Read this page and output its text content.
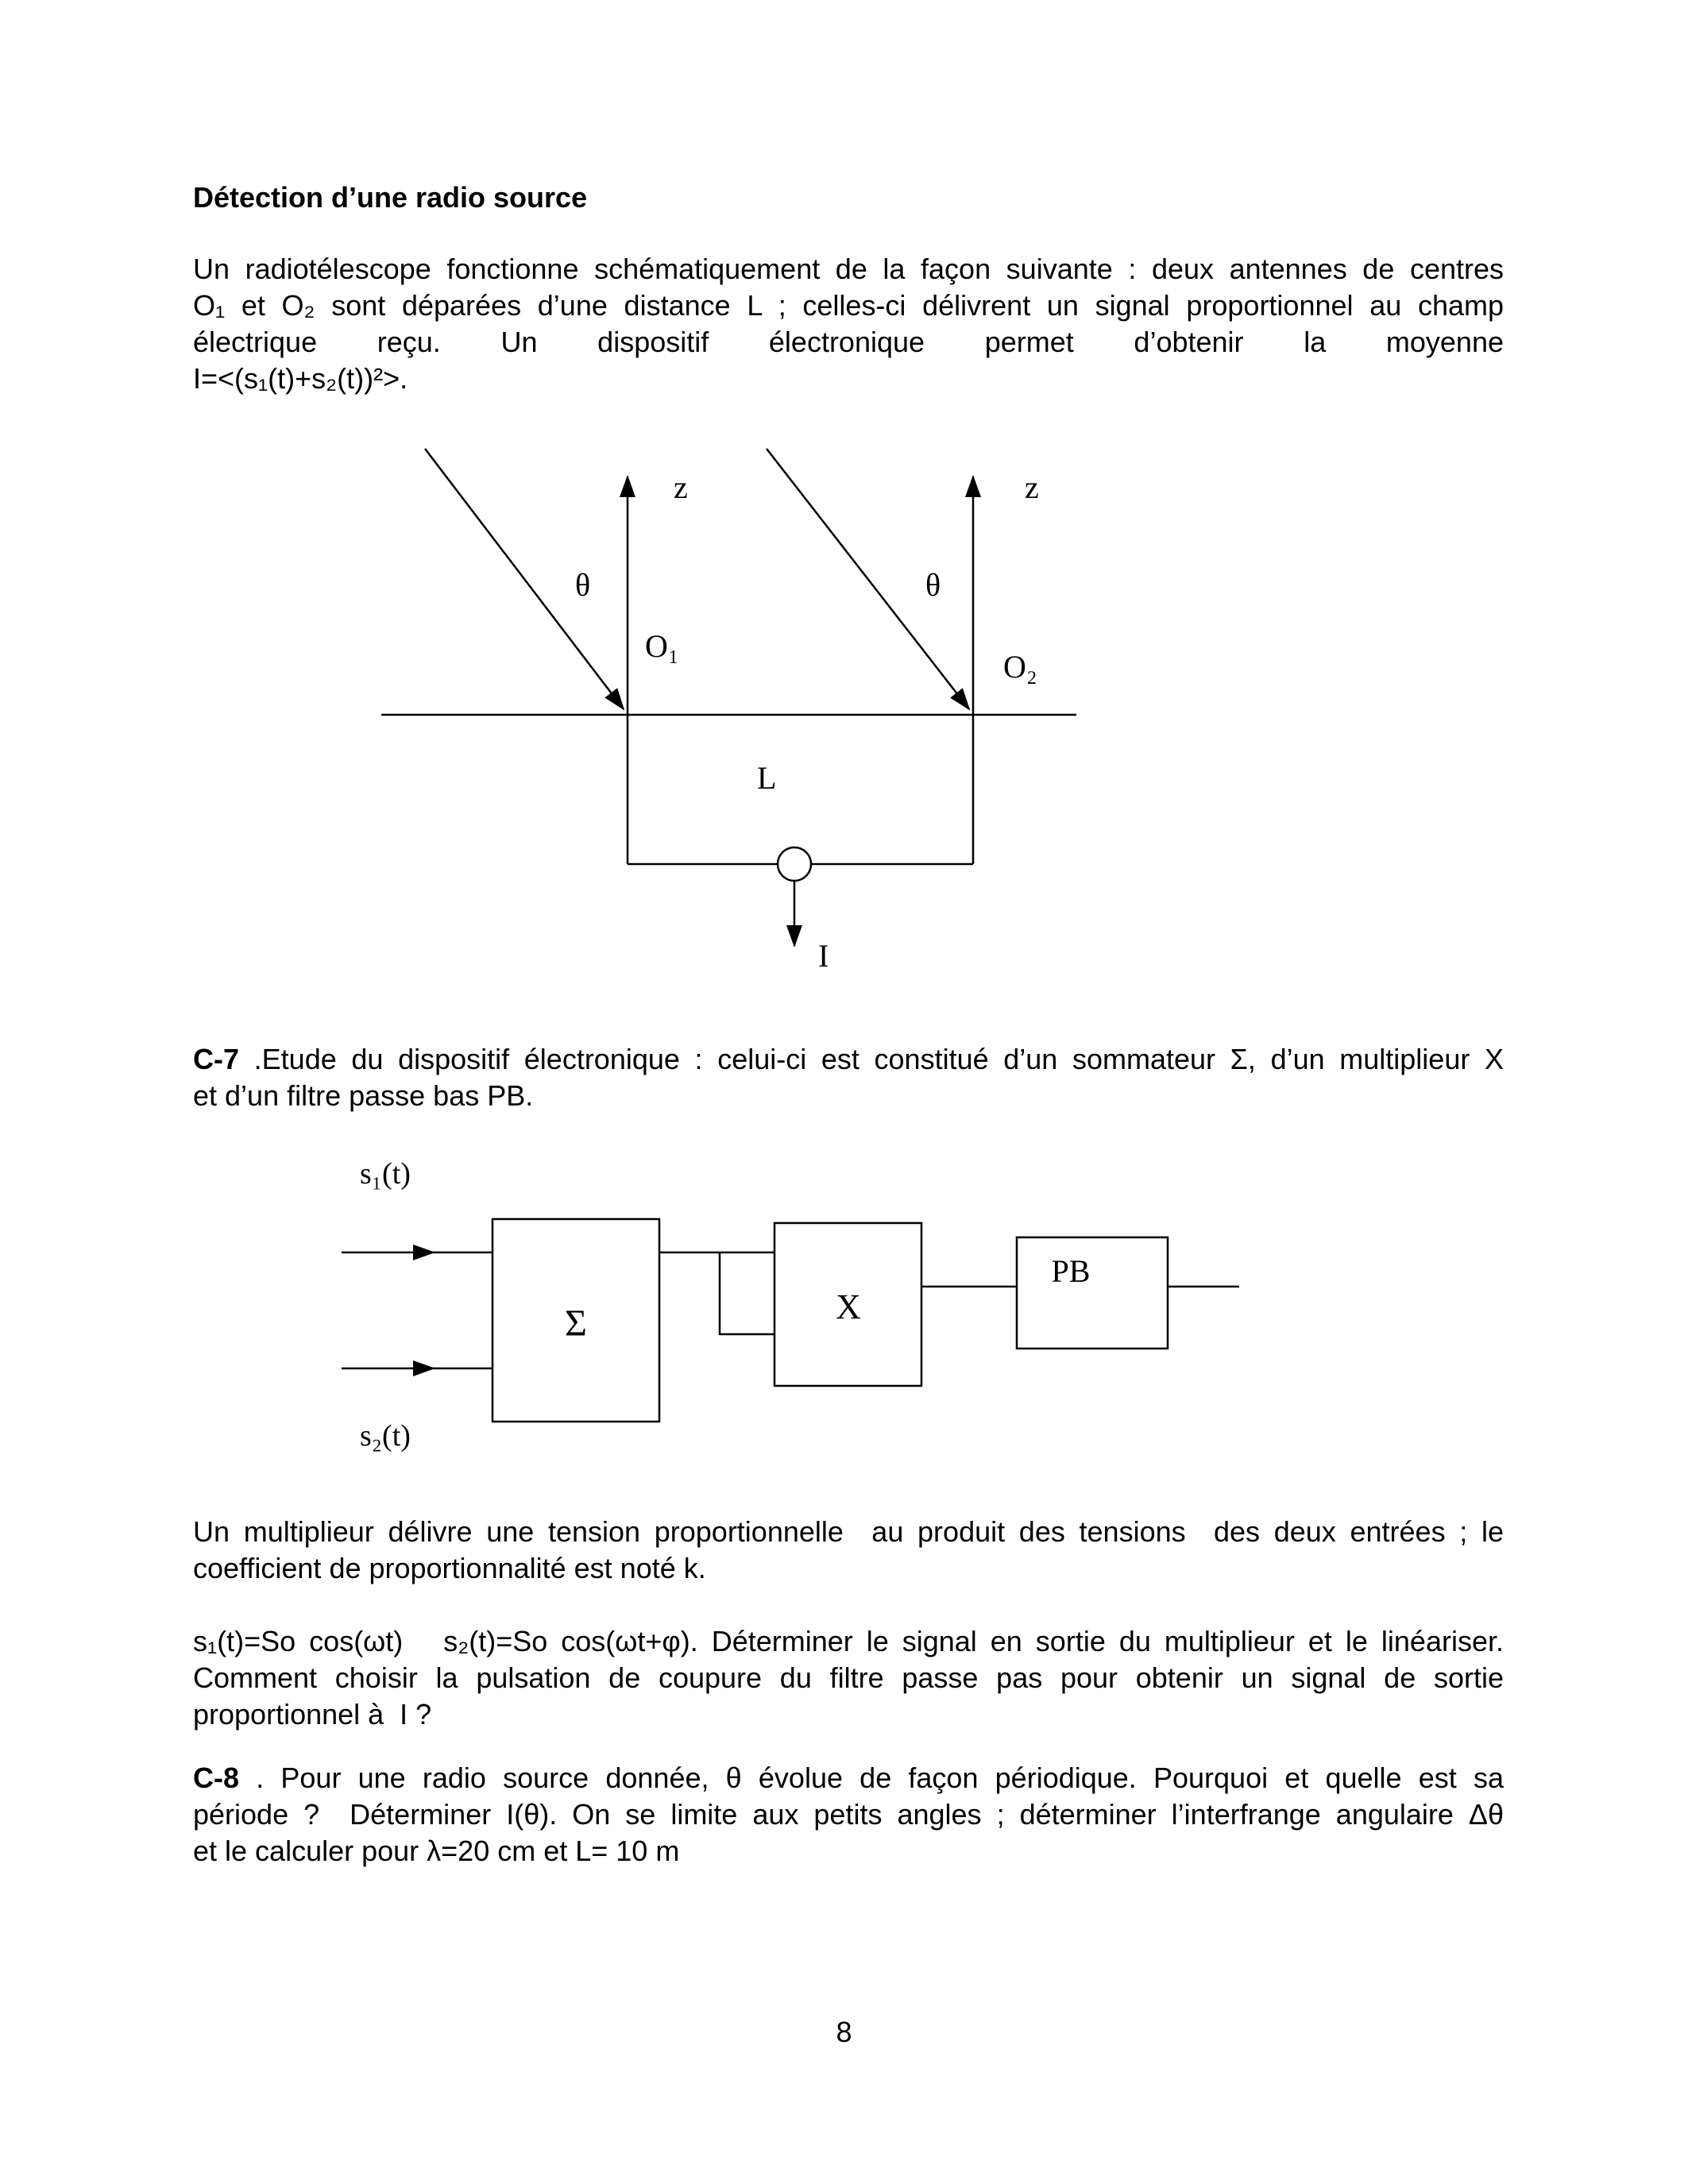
Détection d’une radio source
Un radiotélescope fonctionne schématiquement de la façon suivante : deux antennes de centres
O₁ et O₂ sont déparées d’une distance L ; celles-ci délivrent un signal proportionnel au champ
électrique reçu. Un dispositif électronique permet d’obtenir la moyenne
I=<(s₁(t)+s₂(t))²>.
z
θ
O₁
z
θ
O₂
L
I
C-7 .Etude du dispositif électronique : celui-ci est constitué d’un sommateur Σ, d’un multiplieur X
et d’un filtre passe bas PB.
s₁(t)
s₂(t)
Σ	X
PB
Un multiplieur délivre une tension proportionnelle  au produit des tensions  des deux entrées ; le
coefficient de proportionnalité est noté k.
s₁(t)=So cos(ωt)   s₂(t)=So cos(ωt+φ). Déterminer le signal en sortie du multiplieur et le linéariser.
Comment choisir la pulsation de coupure du filtre passe pas pour obtenir un signal de sortie
proportionnel à  I ?
C-8 . Pour une radio source donnée, θ évolue de façon périodique. Pourquoi et quelle est sa
période ?  Déterminer I(θ). On se limite aux petits angles ; déterminer l’interfrange angulaire Δθ
et le calculer pour λ=20 cm et L= 10 m
8
